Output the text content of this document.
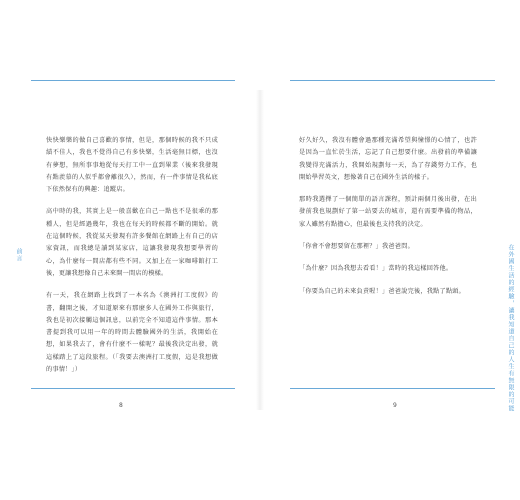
前言

快快樂樂的做自己喜歡的事情，但是，那個時候的我不只成績不佳人，我也不覺得自己有多快樂，生活毫無目標，也沒有夢想，無所事事地從每天打工中一直到畢業（後來我發現有點羨慕的人似乎都會離很久），然而，有一件事情是我私底下依然保有的興趣：追蹤店。

高中時的我，其實上是一般喜歡在自己一點也不是很乖的那種人，但是經過幾年，我也在每天的時候都不斷的開始。就在這個時候，我從某天發現有許多餐館在網路上有自己的店家資訊，而我總是讀到某家店，這讓我發現我想要學習的心，為什麼每一間店都有些不同。又加上在一家咖啡館打工後，更讓我想像自己未來開一間店的模樣。

有一天，我在網路上找到了一本名為《澳洲打工度假》的書，翻開之後，才知道原來有那麼多人在國外工作與旅行，我也是初次接觸這個訊息，以前完全不知道這件事情。那本書提到我可以用一年的時間去體驗國外的生活，我開始在想，如果我去了，會有什麼不一樣呢？最後我決定出發，就這樣踏上了這段旅程。（「我要去澳洲打工度假，這是我想做的事情！」）

8

好久好久，我沒有體會過那種充滿希望與憧憬的心情了，也許是因為一直忙於生活，忘記了自己想要什麼。出發前的準備讓我變得充滿活力，我開始規劃每一天，為了存錢努力工作，也開始學習英文，想像著自己在國外生活的樣子。

那時我選擇了一個簡單的語言課程，預計兩個月後出發，在出發前我也規劃好了第一站要去的城市，還有需要準備的物品，家人雖然有點擔心，但最後也支持我的決定。

「你會不會想要留在那裡？」我爸爸問。

「為什麼？因為我想去看看！」當時的我這樣回答他。

「你要為自己的未來負責喔！」爸爸說完後，我點了點頭。	在外國生活的經驗，讓我知道自己的人生有無限的可能
9
